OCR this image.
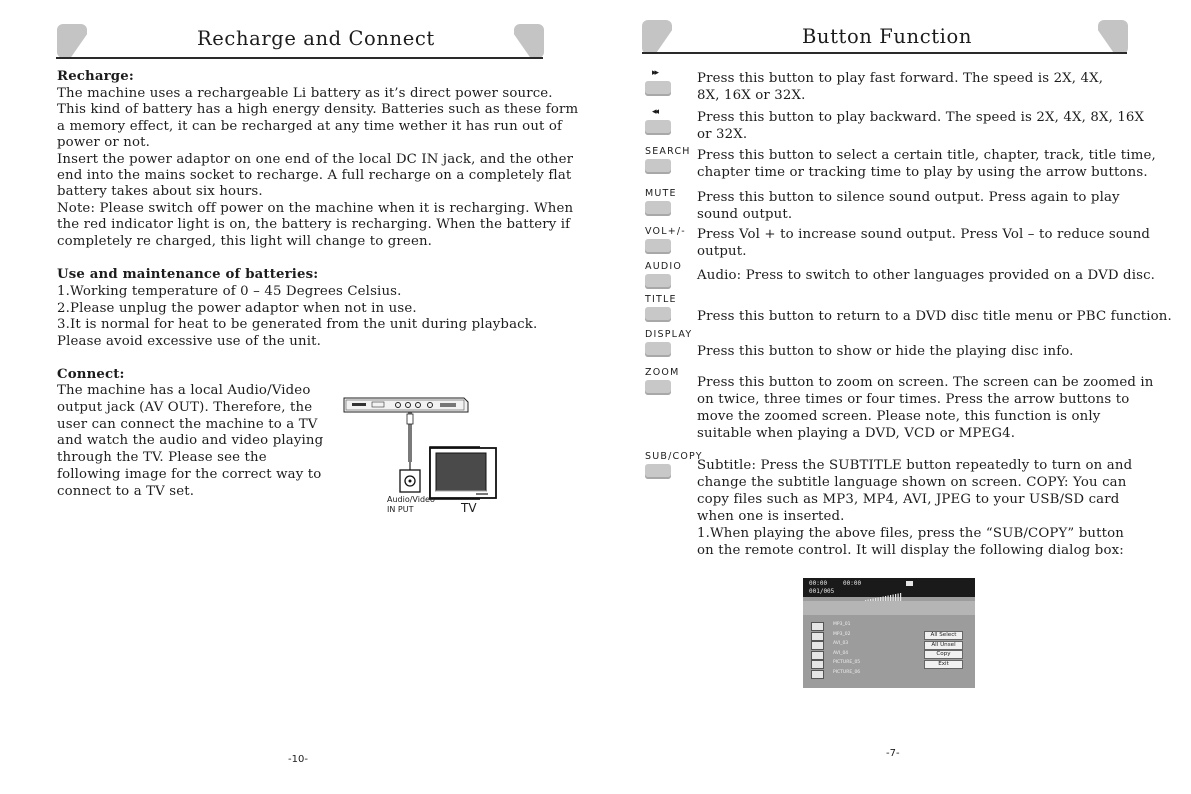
Recharge and Connect
Recharge:
The machine uses a rechargeable Li battery as it’s direct power source.
This kind of battery has a high energy density. Batteries such as these form
a memory effect, it can be recharged at any time wether it has run out of
power or not.
Insert the power adaptor on one end of the local DC IN jack, and the other
end into the mains socket to recharge. A full recharge on a completely flat
battery takes about six hours.
Note: Please switch off power on the machine when it is recharging. When
the red indicator light is on, the battery is recharging. When the battery if
completely re charged, this light will change to green.
Use and maintenance of batteries:
1.Working temperature of 0 – 45 Degrees Celsius.
2.Please unplug the power adaptor when not in use.
3.It is normal for heat to be generated from the unit during playback.
Please avoid excessive use of the unit.
Connect:
The machine has a local Audio/Video
output jack (AV OUT). Therefore, the
user can connect the machine to a TV
and watch the audio and video playing
through the TV. Please see the
following image for the correct way to
connect to a TV set.
Audio/Video
IN PUT	TV
-10-
Button Function
▸▸	Press this button to play fast forward. The speed is 2X, 4X,
8X, 16X or 32X.
◂◂	Press this button to play backward. The speed is 2X, 4X, 8X, 16X
or 32X.
SEARCH Press this button to select a certain title, chapter, track, title time,
chapter time or tracking time to play by using the arrow buttons.
MUTE Press this button to silence sound output. Press again to play
sound output.
VOL+/- Press Vol + to increase sound output. Press Vol – to reduce sound
output.
AUDIO
Audio: Press to switch to other languages provided on a DVD disc.
TITLE
Press this button to return to a DVD disc title menu or PBC function.
DISPLAY
Press this button to show or hide the playing disc info.
ZOOM
Press this button to zoom on screen. The screen can be zoomed in
on twice, three times or four times. Press the arrow buttons to
move the zoomed screen. Please note, this function is only
suitable when playing a DVD, VCD or MPEG4.
SUB/COPY
Subtitle: Press the SUBTITLE button repeatedly to turn on and
change the subtitle language shown on screen. COPY: You can
copy files such as MP3, MP4, AVI, JPEG to your USB/SD card
when one is inserted.
1.When playing the above files, press the “SUB/COPY” button
on the remote control. It will display the following dialog box:
00:00	00:00
001/005
MP3_01
MP3_02
AVI_03
AVI_04
PICTURE_05
PICTURE_06
All Select
All Unsel
Copy
Exit
-7-
